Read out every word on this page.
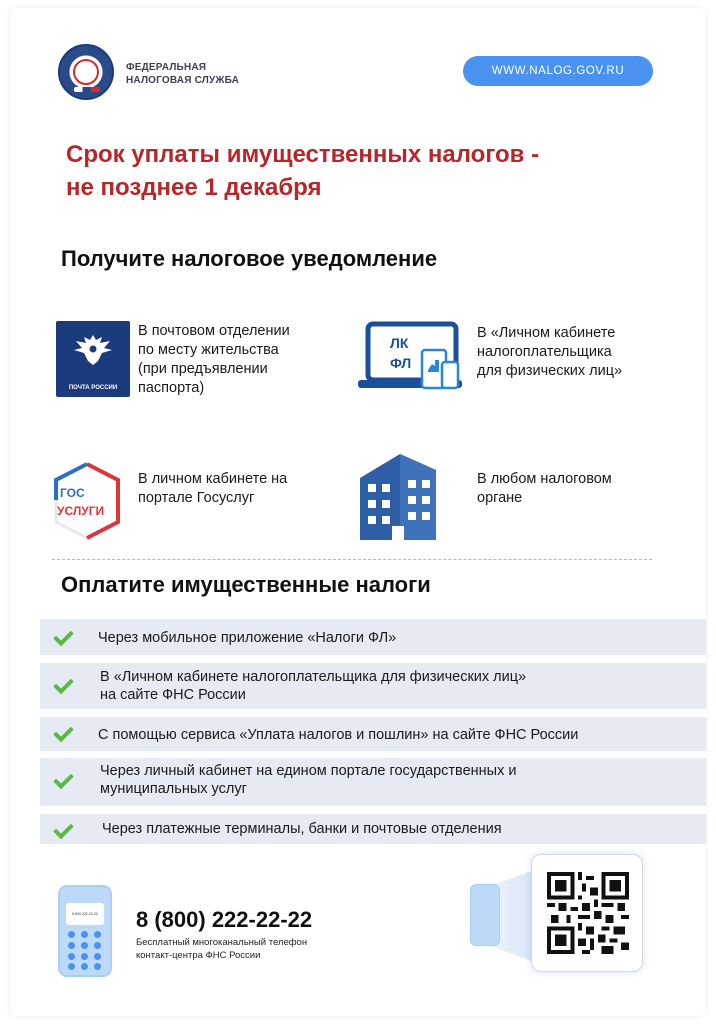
ФЕДЕРАЛЬНАЯ
НАЛОГОВАЯ СЛУЖБА
WWW.NALOG.GOV.RU
Срок уплаты имущественных налогов -
не позднее 1 декабря
Получите налоговое уведомление
ПОЧТА РОССИИ
В почтовом отделении
по месту жительства
(при предъявлении
паспорта)
ЛК
ФЛ
В «Личном кабинете
налогоплательщика
для физических лиц»
ГОС
УСЛУГИ
В личном кабинете на
портале Госуслуг
В любом налоговом
органе
Оплатите имущественные налоги
Через мобильное приложение «Налоги ФЛ»
В «Личном кабинете налогоплательщика для физических лиц»
на сайте ФНС России
С помощью сервиса «Уплата налогов и пошлин» на сайте ФНС России
Через личный кабинет на едином портале государственных и
муниципальных услуг
Через платежные терминалы, банки и почтовые отделения
8 800 222-22-22 8 (800) 222-22-22
Бесплатный многоканальный телефон
контакт-центра ФНС России
